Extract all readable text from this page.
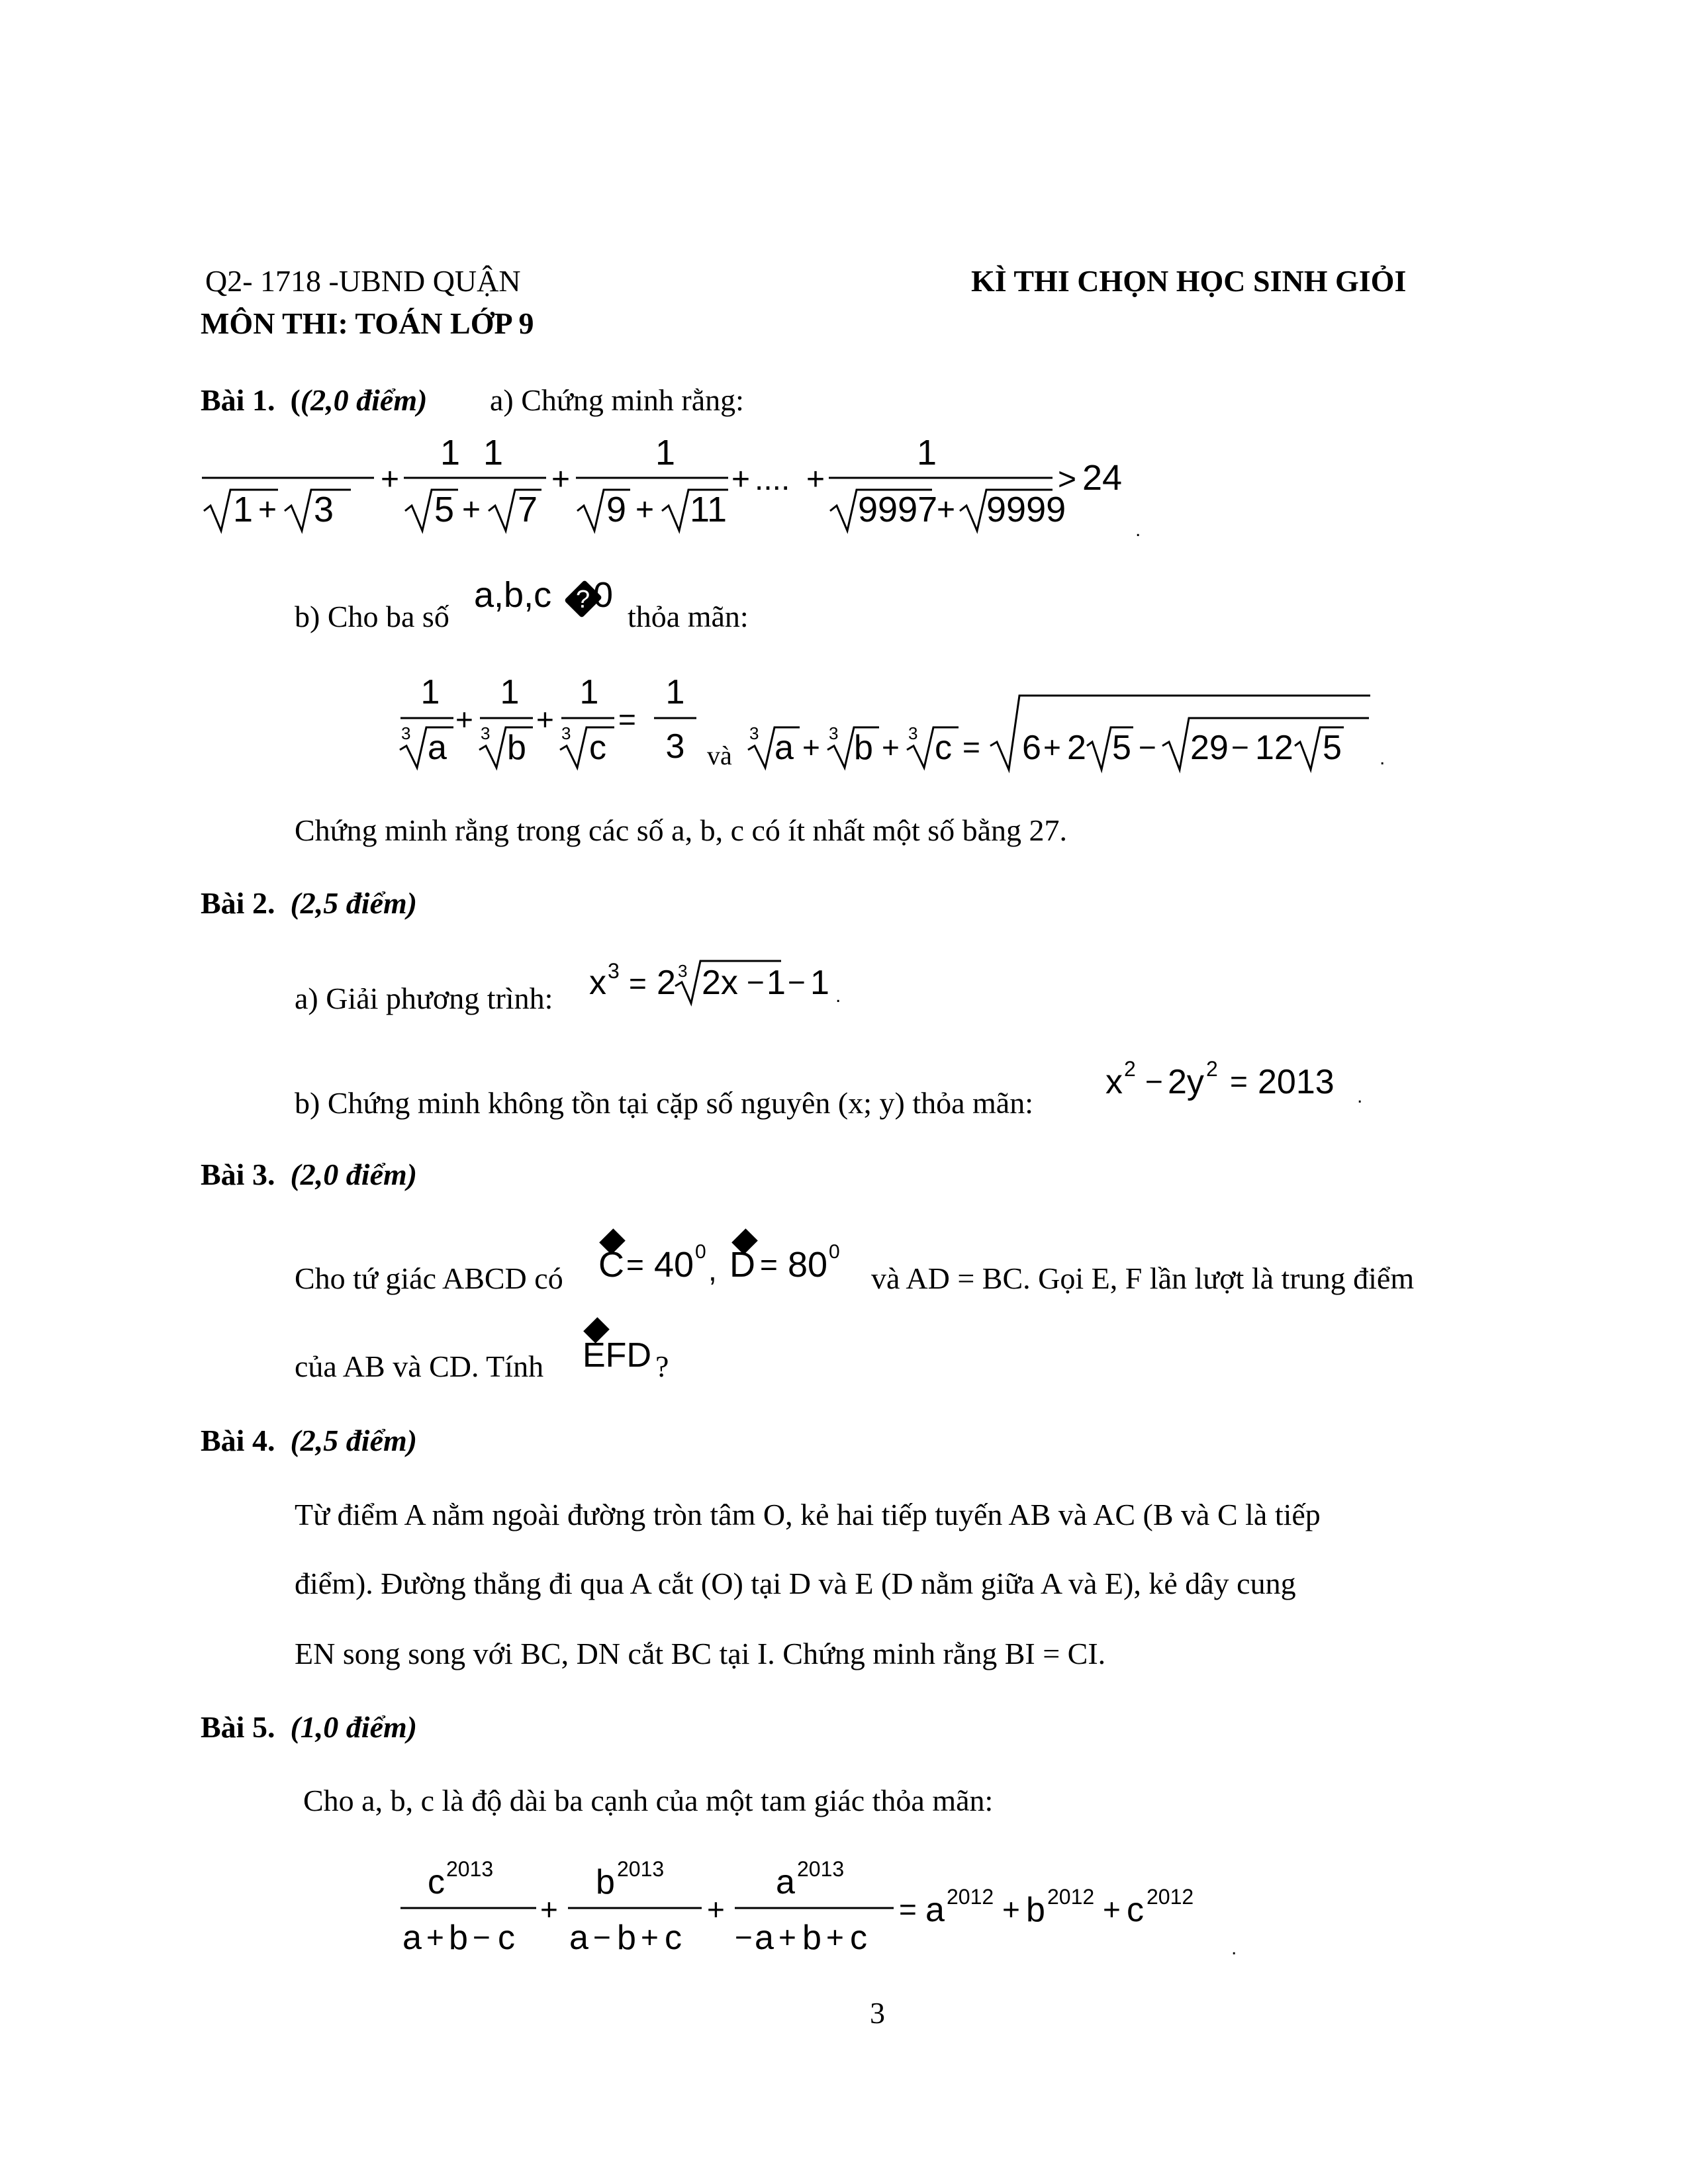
Q2- 1718 -UBND QUẬN	KÌ THI CHỌN HỌC SINH GIỎI
MÔN THI: TOÁN LỚP 9
Bài 1.  ((2,0 điểm) a) Chứng minh rằng:
1
1 + 3
+
1
5 + 7
+
1
9 + 11
+ .... +
1
9997
+ 9999
> 24
.
b) Cho ba số
a,b,c ? 0
thỏa mãn:
1
3 a
+
1
3 b
+
1
3 c
=
1
3 và
3 a + 3 b + 3 c = 6 + 2 5 − 29 − 12 5 .
Chứng minh rằng trong các số a, b, c có ít nhất một số bằng 27.
Bài 2. (2,5 điểm)
a) Giải phương trình: x 3 = 2 3 2x − 1 − 1 .
b) Chứng minh không tồn tại cặp số nguyên (x; y) thỏa mãn:
x 2 − 2y 2 = 2013 .
Bài 3. (2,0 điểm)
Cho tứ giác ABCD có C = 40 0
, D = 80 0
và AD = BC. Gọi E, F lần lượt là trung điểm
của AB và CD. Tính EFD ?
Bài 4. (2,5 điểm)
Từ điểm A nằm ngoài đường tròn tâm O, kẻ hai tiếp tuyến AB và AC (B và C là tiếp
điểm). Đường thẳng đi qua A cắt (O) tại D và E (D nằm giữa A và E), kẻ dây cung
EN song song với BC, DN cắt BC tại I. Chứng minh rằng BI = CI.
Bài 5. (1,0 điểm)
Cho a, b, c là độ dài ba cạnh của một tam giác thỏa mãn:
c 2013
a + b − c
+
b 2013
a − b + c
+
a 2013
− a + b + c
= a 2012 + b 2012 + c 2012
.
3
